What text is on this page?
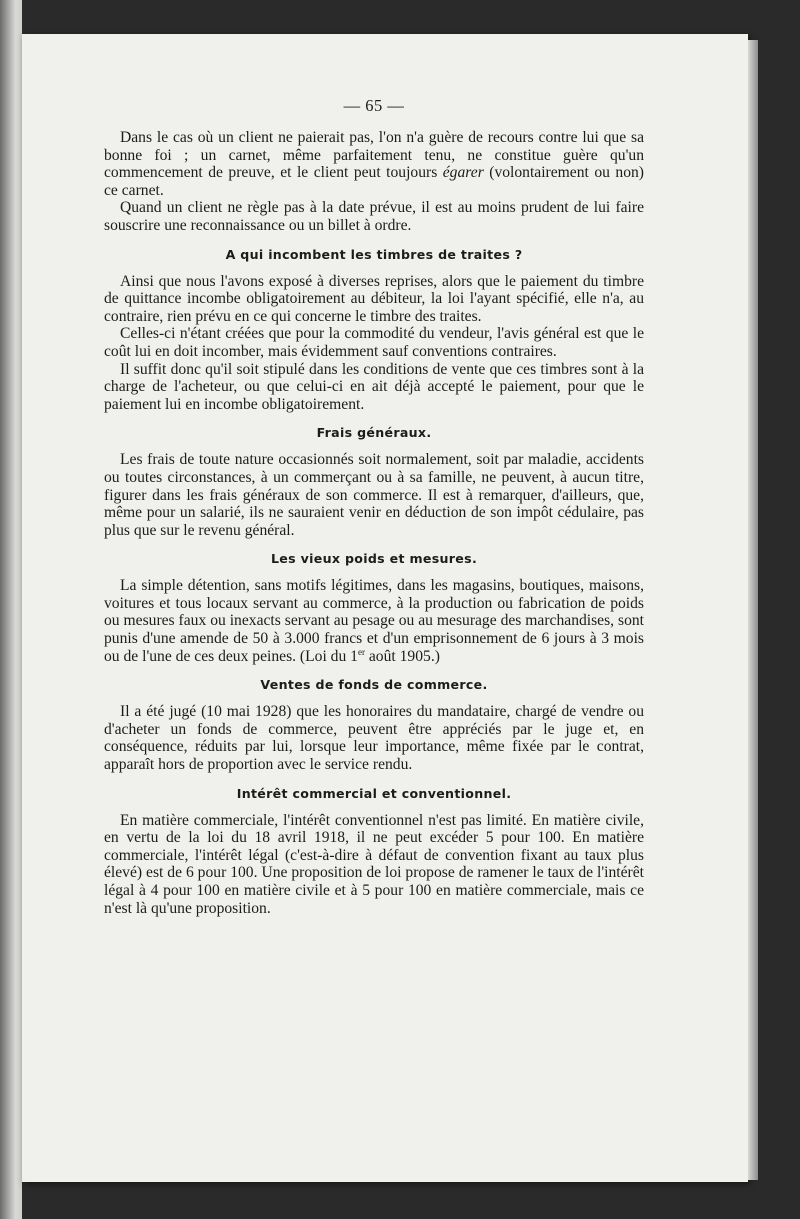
— 65 —

Dans le cas où un client ne paierait pas, l'on n'a guère de recours contre lui que sa bonne foi ; un carnet, même parfaitement tenu, ne constitue guère qu'un commencement de preuve, et le client peut toujours égarer (volontairement ou non) ce carnet.

Quand un client ne règle pas à la date prévue, il est au moins prudent de lui faire souscrire une reconnaissance ou un billet à ordre.

A qui incombent les timbres de traites ?

Ainsi que nous l'avons exposé à diverses reprises, alors que le paiement du timbre de quittance incombe obligatoirement au débiteur, la loi l'ayant spécifié, elle n'a, au contraire, rien prévu en ce qui concerne le timbre des traites.

Celles-ci n'étant créées que pour la commodité du vendeur, l'avis général est que le coût lui en doit incomber, mais évidemment sauf conventions contraires.

Il suffit donc qu'il soit stipulé dans les conditions de vente que ces timbres sont à la charge de l'acheteur, ou que celui-ci en ait déjà accepté le paiement, pour que le paiement lui en incombe obligatoirement.

Frais généraux.

Les frais de toute nature occasionnés soit normalement, soit par maladie, accidents ou toutes circonstances, à un commerçant ou à sa famille, ne peuvent, à aucun titre, figurer dans les frais généraux de son commerce. Il est à remarquer, d'ailleurs, que, même pour un salarié, ils ne sauraient venir en déduction de son impôt cédulaire, pas plus que sur le revenu général.

Les vieux poids et mesures.

La simple détention, sans motifs légitimes, dans les magasins, boutiques, maisons, voitures et tous locaux servant au commerce, à la production ou fabrication de poids ou mesures faux ou inexacts servant au pesage ou au mesurage des marchandises, sont punis d'une amende de 50 à 3.000 francs et d'un emprisonnement de 6 jours à 3 mois ou de l'une de ces deux peines. (Loi du 1er août 1905.)

Ventes de fonds de commerce.

Il a été jugé (10 mai 1928) que les honoraires du mandataire, chargé de vendre ou d'acheter un fonds de commerce, peuvent être appréciés par le juge et, en conséquence, réduits par lui, lorsque leur importance, même fixée par le contrat, apparaît hors de proportion avec le service rendu.

Intérêt commercial et conventionnel.

En matière commerciale, l'intérêt conventionnel n'est pas limité. En matière civile, en vertu de la loi du 18 avril 1918, il ne peut excéder 5 pour 100. En matière commerciale, l'intérêt légal (c'est-à-dire à défaut de convention fixant au taux plus élevé) est de 6 pour 100. Une proposition de loi propose de ramener le taux de l'intérêt légal à 4 pour 100 en matière civile et à 5 pour 100 en matière commerciale, mais ce n'est là qu'une proposition.
